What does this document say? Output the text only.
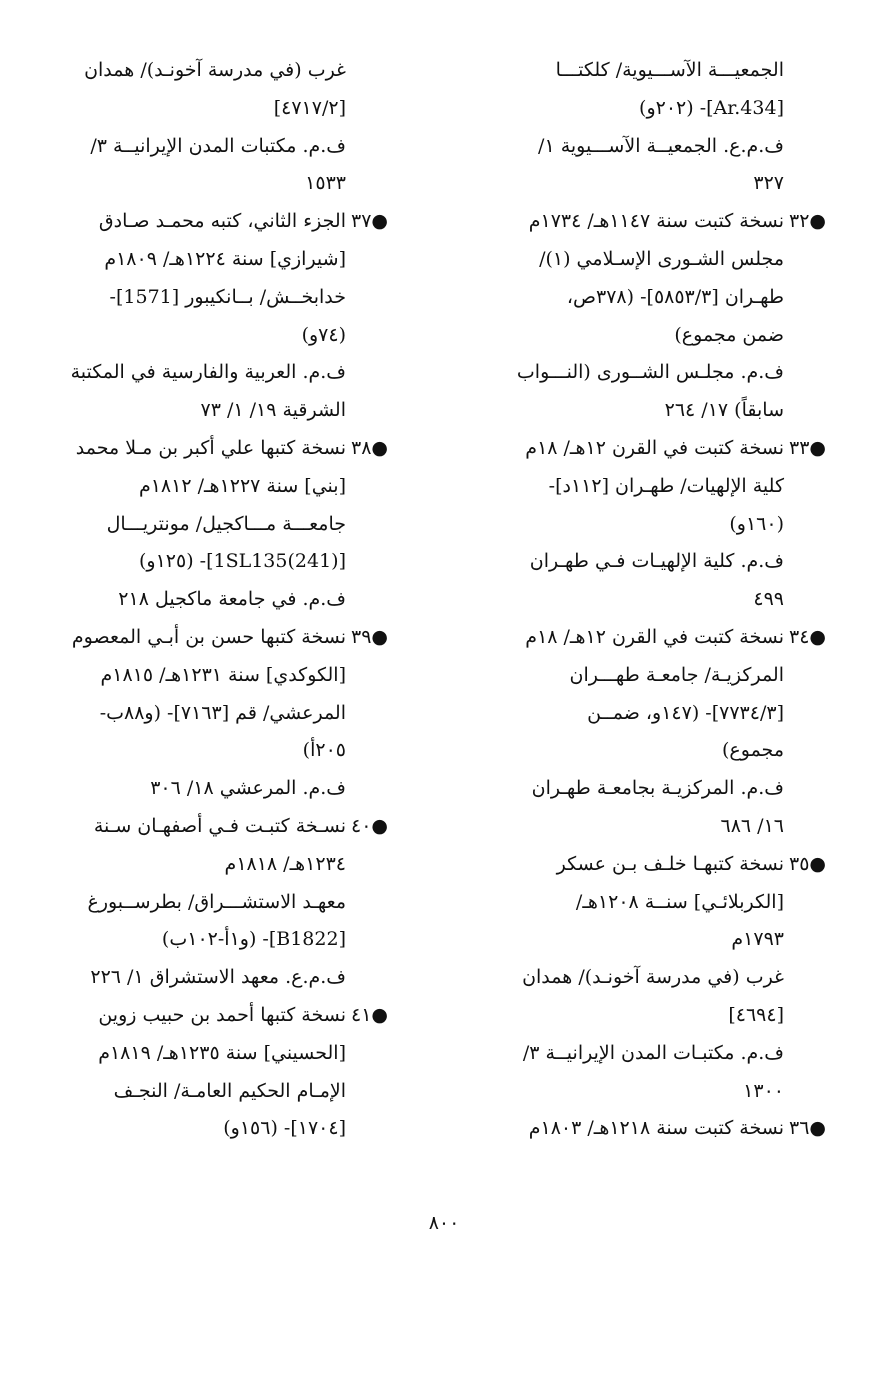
الجمعيـــة الآســـيوية/ كلكتـــا
[Ar.434]- (٢٠٢و)
ف.م.ع. الجمعيــة الآســـيوية ١/
٣٢٧
●٣٢
نسخة كتبت سنة ١١٤٧هـ/ ١٧٣٤م
مجلس الشـورى الإسـلامي (١)/
طهـران [٥٨٥٣/٣]- (٣٧٨ص،
ضمن مجموع)
ف.م. مجلـس الشــورى (النـــواب
سابقاً) ١٧/ ٢٦٤
●٣٣
نسخة كتبت في القرن ١٢هـ/ ١٨م
كلية الإلهيات/ طهـران [١١٢د]-
(١٦٠و)
ف.م. كلية الإلهيـات فـي طهـران
٤٩٩
●٣٤
نسخة كتبت في القرن ١٢هـ/ ١٨م
المركزيـة/ جامعـة طهـــران
[٧٧٣٤/٣]- (١٤٧و، ضمــن
مجموع)
ف.م. المركزيـة بجامعـة طهـران
١٦/ ٦٨٦
●٣٥
نسخة كتبهـا خلـف بـن عسكر
[الكربلائـي] سنــة ١٢٠٨هـ/
١٧٩٣م
غرب (في مدرسة آخونـد)/ همدان
[٤٦٩٤]
ف.م. مكتبـات المدن الإيرانيــة ٣/
١٣٠٠
●٣٦
نسخة كتبت سنة ١٢١٨هـ/ ١٨٠٣م
غرب (في مدرسة آخونـد)/ همدان
[٤٧١٧/٢]
ف.م. مكتبات المدن الإيرانيــة ٣/
١٥٣٣
●٣٧
الجزء الثاني، كتبه محمـد صـادق
[شيرازي] سنة ١٢٢٤هـ/ ١٨٠٩م
خدابخــش/ بــانكيبور [1571]-
(٧٤و)
ف.م. العربية والفارسية في المكتبة
الشرقية ١٩/ ١/ ٧٣
●٣٨
نسخة كتبها علي أكبر بن مـلا محمد
[بني] سنة ١٢٢٧هـ/ ١٨١٢م
جامعـــة مـــاكجيل/ مونتريـــال
[1SL135(241)]- (١٢٥و)
ف.م. في جامعة ماكجيل ٢١٨
●٣٩
نسخة كتبها حسن بن أبـي المعصوم
[الكوكدي] سنة ١٢٣١هـ/ ١٨١٥م
المرعشي/ قم [٧١٦٣]- (و٨٨ب-
٢٠٥أ)
ف.م. المرعشي ١٨/ ٣٠٦
●٤٠
نسـخة كتبـت فـي أصفهـان سـنة
١٢٣٤هـ/ ١٨١٨م
معهـد الاستشـــراق/ بطرســبورغ
[B1822]- (و١أ-١٠٢ب)
ف.م.ع. معهد الاستشراق ١/ ٢٢٦
●٤١
نسخة كتبها أحمد بن حبيب زوين
[الحسيني] سنة ١٢٣٥هـ/ ١٨١٩م
الإمـام الحكيم العامـة/ النجـف
[١٧٠٤]- (١٥٦و)
٨٠٠
